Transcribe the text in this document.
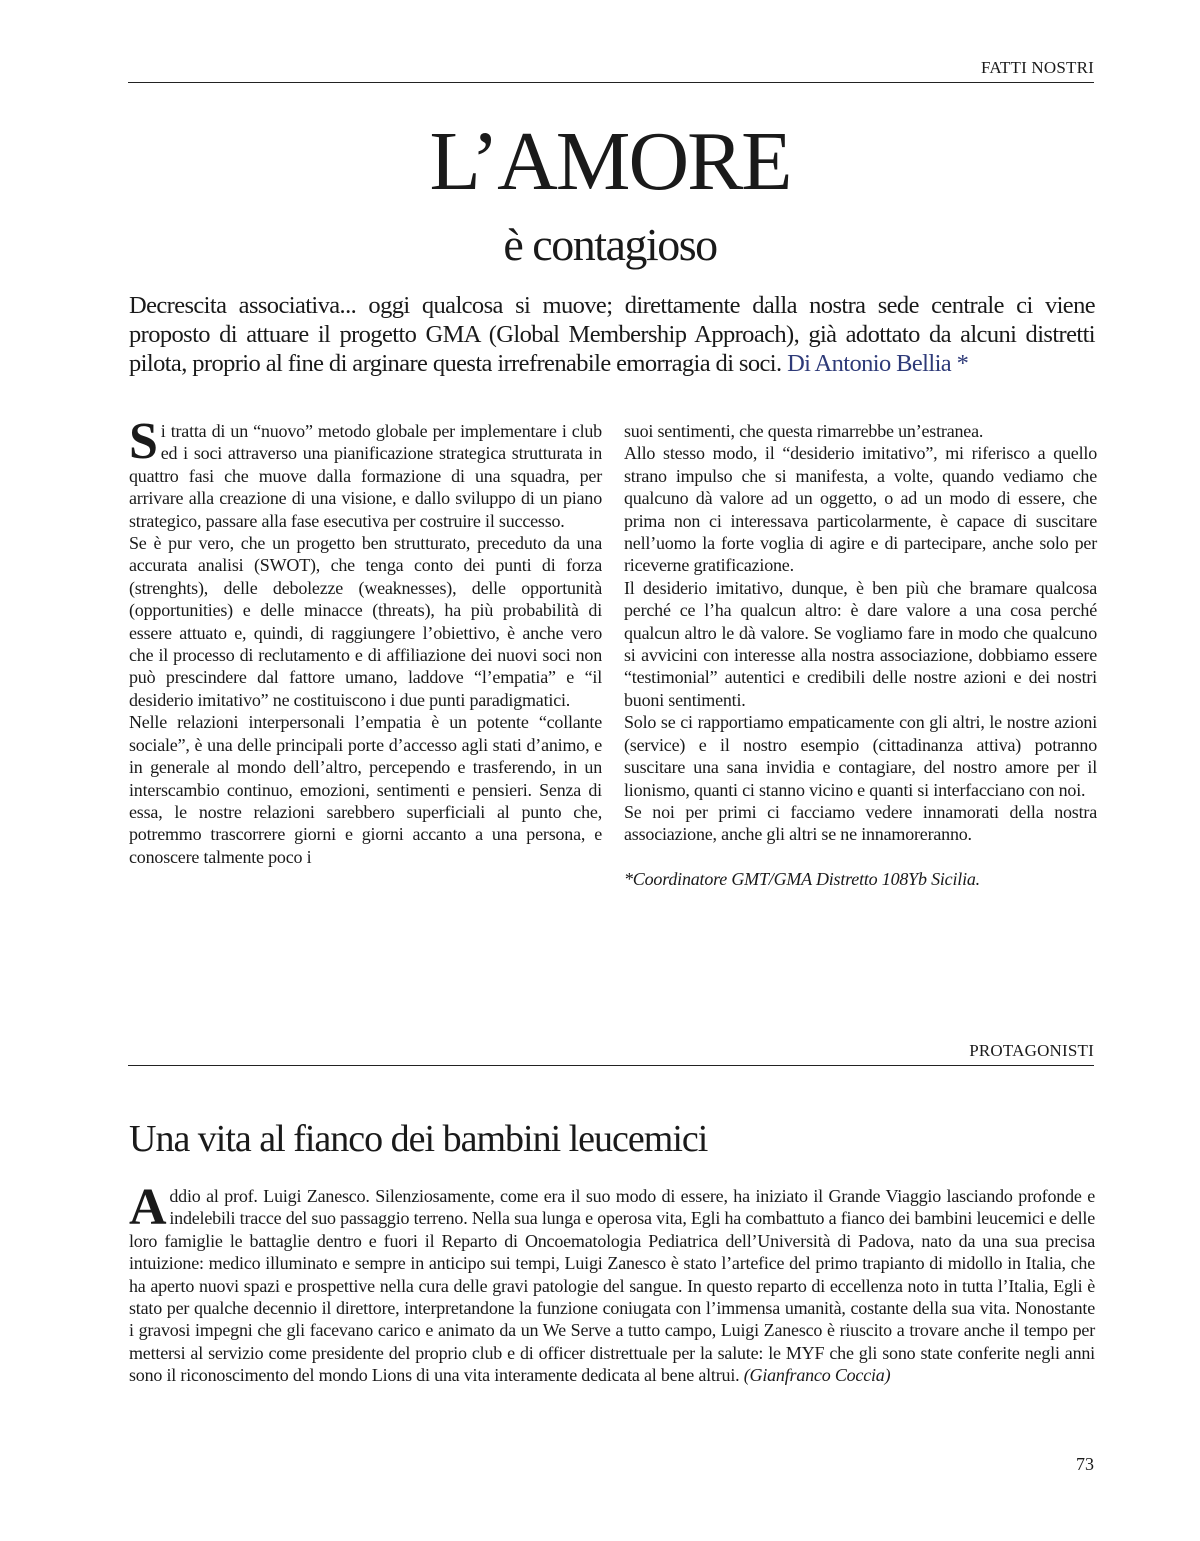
FATTI NOSTRI
L’AMORE
è contagioso
Decrescita associativa... oggi qualcosa si muove; direttamente dalla nostra sede centrale ci viene proposto di attuare il progetto GMA (Global Membership Approach), già adottato da alcuni distretti pilota, proprio al fine di arginare questa irrefrenabile emorragia di soci. Di Antonio Bellia *

Si tratta di un “nuovo” metodo globale per implementare i club ed i soci attraverso una pianificazione strategica strutturata in quattro fasi che muove dalla formazione di una squadra, per arrivare alla creazione di una visione, e dallo sviluppo di un piano strategico, passare alla fase esecutiva per costruire il successo.

Se è pur vero, che un progetto ben strutturato, preceduto da una accurata analisi (SWOT), che tenga conto dei punti di forza (strenghts), delle debolezze (weaknesses), delle opportunità (opportunities) e delle minacce (threats), ha più probabilità di essere attuato e, quindi, di raggiungere l’obiettivo, è anche vero che il processo di reclutamento e di affiliazione dei nuovi soci non può prescindere dal fattore umano, laddove “l’empatia” e “il desiderio imitativo” ne costituiscono i due punti paradigmatici.

Nelle relazioni interpersonali l’empatia è un potente “collante sociale”, è una delle principali porte d’accesso agli stati d’animo, e in generale al mondo dell’altro, percependo e trasferendo, in un interscambio continuo, emozioni, sentimenti e pensieri. Senza di essa, le nostre relazioni sarebbero superficiali al punto che, potremmo trascorrere giorni e giorni accanto a una persona, e conoscere talmente poco i

suoi sentimenti, che questa rimarrebbe un’estranea.

Allo stesso modo, il “desiderio imitativo”, mi riferisco a quello strano impulso che si manifesta, a volte, quando vediamo che qualcuno dà valore ad un oggetto, o ad un modo di essere, che prima non ci interessava particolarmente, è capace di suscitare nell’uomo la forte voglia di agire e di partecipare, anche solo per riceverne gratificazione.

Il desiderio imitativo, dunque, è ben più che bramare qualcosa perché ce l’ha qualcun altro: è dare valore a una cosa perché qualcun altro le dà valore. Se vogliamo fare in modo che qualcuno si avvicini con interesse alla nostra associazione, dobbiamo essere “testimonial” autentici e credibili delle nostre azioni e dei nostri buoni sentimenti.

Solo se ci rapportiamo empaticamente con gli altri, le nostre azioni (service) e il nostro esempio (cittadinanza attiva) potranno suscitare una sana invidia e contagiare, del nostro amore per il lionismo, quanti ci stanno vicino e quanti si interfacciano con noi.

Se noi per primi ci facciamo vedere innamorati della nostra associazione, anche gli altri se ne innamoreranno.

*Coordinatore GMT/GMA Distretto 108Yb Sicilia.

PROTAGONISTI
Una vita al fianco dei bambini leucemici

Addio al prof. Luigi Zanesco. Silenziosamente, come era il suo modo di essere, ha iniziato il Grande Viaggio lasciando profonde e indelebili tracce del suo passaggio terreno. Nella sua lunga e operosa vita, Egli ha combattuto a fianco dei bambini leucemici e delle loro famiglie le battaglie dentro e fuori il Reparto di Oncoematologia Pediatrica dell’Università di Padova, nato da una sua precisa intuizione: medico illuminato e sempre in anticipo sui tempi, Luigi Zanesco è stato l’artefice del primo trapianto di midollo in Italia, che ha aperto nuovi spazi e prospettive nella cura delle gravi patologie del sangue. In questo reparto di eccellenza noto in tutta l’Italia, Egli è stato per qualche decennio il direttore, interpretandone la funzione coniugata con l’immensa umanità, costante della sua vita. Nonostante i gravosi impegni che gli facevano carico e animato da un We Serve a tutto campo, Luigi Zanesco è riuscito a trovare anche il tempo per mettersi al servizio come presidente del proprio club e di officer distrettuale per la salute: le MYF che gli sono state conferite negli anni sono il riconoscimento del mondo Lions di una vita interamente dedicata al bene altrui. (Gianfranco Coccia)

73
